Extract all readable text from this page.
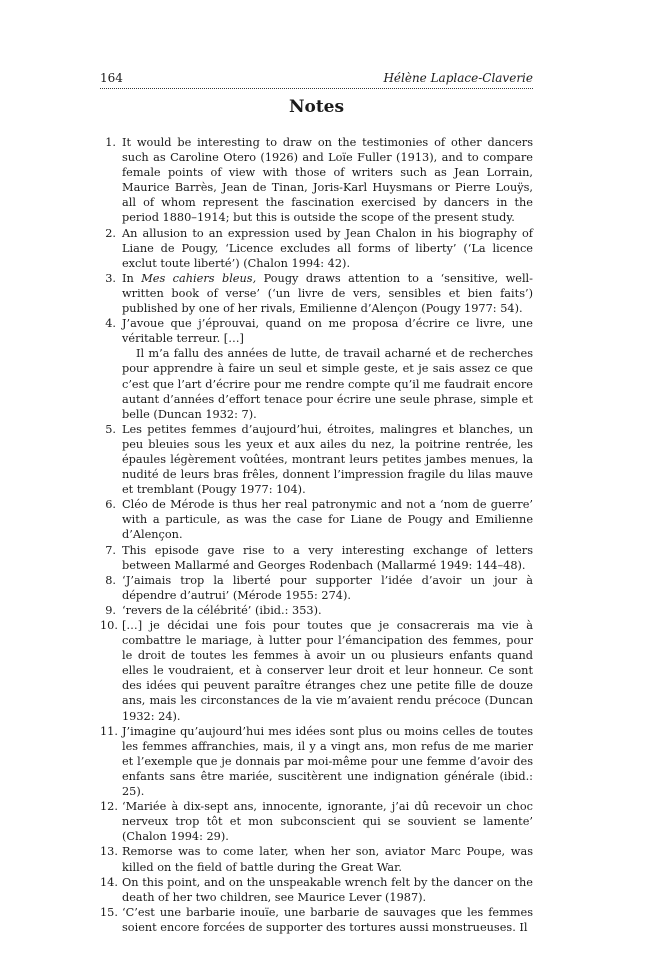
164	Hélène Laplace-Claverie
Notes
1. It would be interesting to draw on the testimonies of other dancers such as Caroline Otero (1926) and Loïe Fuller (1913), and to compare female points of view with those of writers such as Jean Lorrain, Maurice Barrès, Jean de Tinan, Joris-Karl Huysmans or Pierre Louÿs, all of whom represent the fascination exercised by dancers in the period 1880–1914; but this is outside the scope of the present study.
2. An allusion to an expression used by Jean Chalon in his biography of Liane de Pougy, ‘Licence excludes all forms of liberty’ (‘La licence exclut toute liberté’) (Chalon 1994: 42).
3. In Mes cahiers bleus, Pougy draws attention to a ‘sensitive, well-written book of verse’ (‘un livre de vers, sensibles et bien faits’) published by one of her rivals, Emilienne d’Alençon (Pougy 1977: 54).
4. J’avoue que j’éprouvai, quand on me proposa d’écrire ce livre, une véritable terreur. […]
Il m’a fallu des années de lutte, de travail acharné et de recherches pour apprendre à faire un seul et simple geste, et je sais assez ce que c’est que l’art d’écrire pour me rendre compte qu’il me faudrait encore autant d’années d’effort tenace pour écrire une seule phrase, simple et belle (Duncan 1932: 7).
5. Les petites femmes d’aujourd’hui, étroites, malingres et blanches, un peu bleuies sous les yeux et aux ailes du nez, la poitrine rentrée, les épaules légèrement voûtées, montrant leurs petites jambes menues, la nudité de leurs bras frêles, donnent l’impression fragile du lilas mauve et tremblant (Pougy 1977: 104).
6. Cléo de Mérode is thus her real patronymic and not a ‘nom de guerre’ with a particule, as was the case for Liane de Pougy and Emilienne d’Alençon.
7. This episode gave rise to a very interesting exchange of letters between Mallarmé and Georges Rodenbach (Mallarmé 1949: 144–48).
8. ‘J’aimais trop la liberté pour supporter l’idée d’avoir un jour à dépendre d’autrui’ (Mérode 1955: 274).
9. ‘revers de la célébrité’ (ibid.: 353).
10. […] je décidai une fois pour toutes que je consacrerais ma vie à combattre le mariage, à lutter pour l’émancipation des femmes, pour le droit de toutes les femmes à avoir un ou plusieurs enfants quand elles le voudraient, et à conserver leur droit et leur honneur. Ce sont des idées qui peuvent paraître étranges chez une petite fille de douze ans, mais les circonstances de la vie m’avaient rendu précoce (Duncan 1932: 24).
11. J’imagine qu’aujourd’hui mes idées sont plus ou moins celles de toutes les femmes affranchies, mais, il y a vingt ans, mon refus de me marier et l’exemple que je donnais par moi-même pour une femme d’avoir des enfants sans être mariée, suscitèrent une indignation générale (ibid.: 25).
12. ‘Mariée à dix-sept ans, innocente, ignorante, j’ai dû recevoir un choc nerveux trop tôt et mon subconscient qui se souvient se lamente’ (Chalon 1994: 29).
13. Remorse was to come later, when her son, aviator Marc Poupe, was killed on the field of battle during the Great War.
14. On this point, and on the unspeakable wrench felt by the dancer on the death of her two children, see Maurice Lever (1987).
15. ‘C’est une barbarie inouïe, une barbarie de sauvages que les femmes soient encore forcées de supporter des tortures aussi monstrueuses. Il
